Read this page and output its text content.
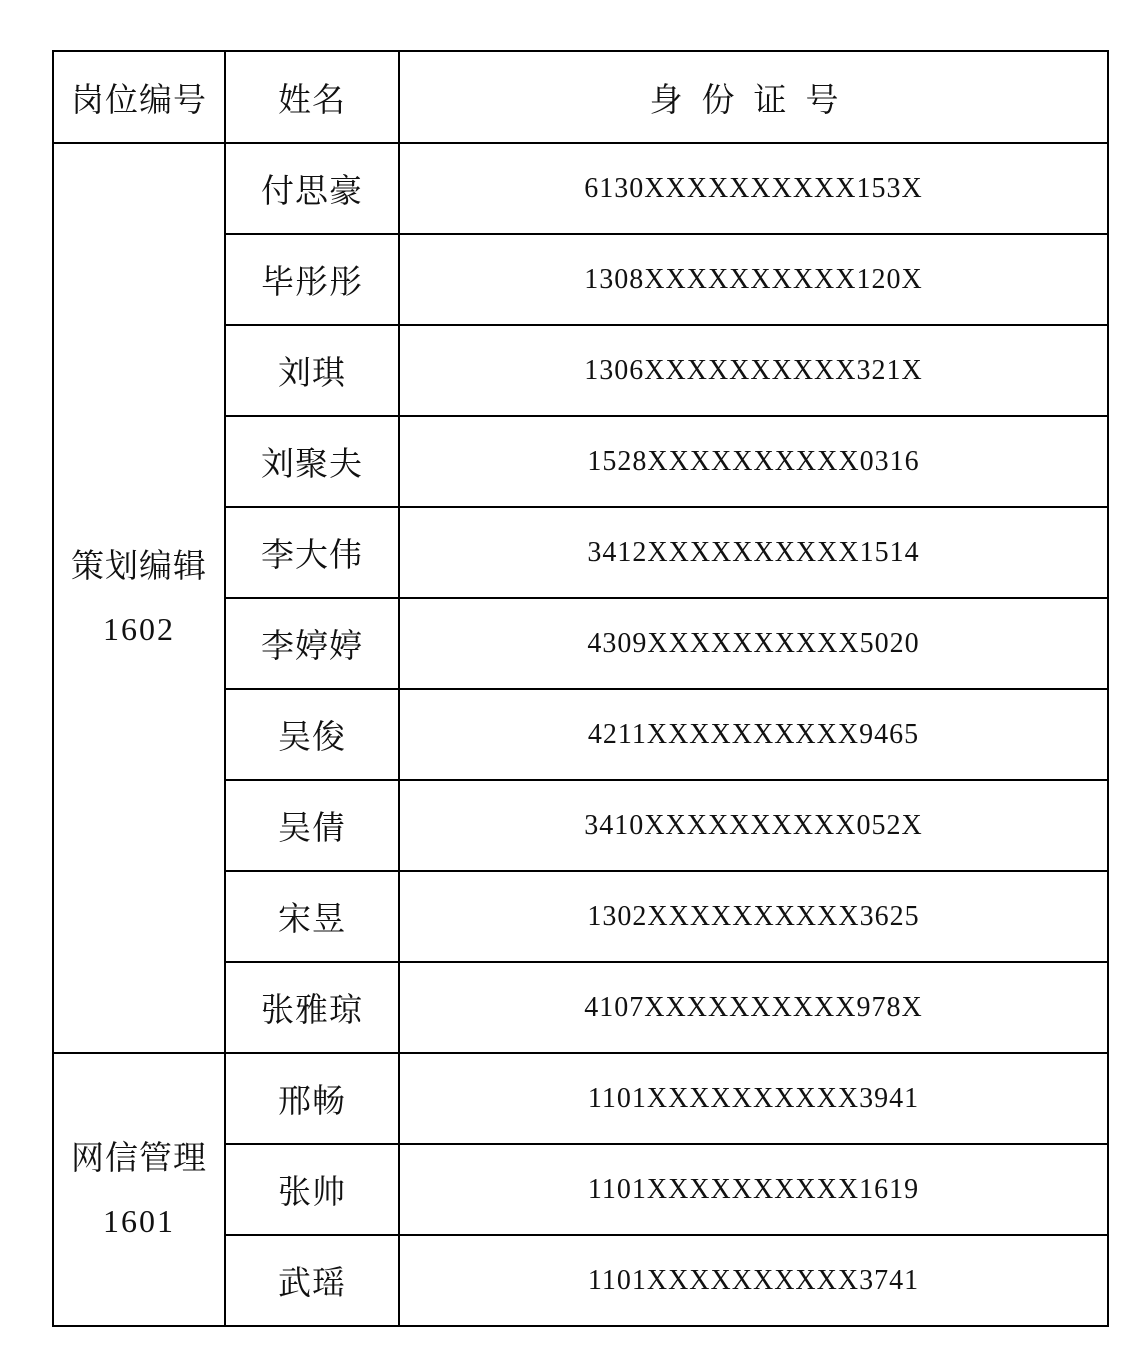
岗位编号	姓名	身份证号

策划编辑
1602	付思豪	6130XXXXXXXXXX153X
	毕彤彤	1308XXXXXXXXXX120X
	刘琪	1306XXXXXXXXXX321X
	刘聚夫	1528XXXXXXXXXX0316
	李大伟	3412XXXXXXXXXX1514
	李婷婷	4309XXXXXXXXXX5020
	吴俊	4211XXXXXXXXXX9465
	吴倩	3410XXXXXXXXXX052X
	宋昱	1302XXXXXXXXXX3625
	张雅琼	4107XXXXXXXXXX978X

网信管理
1601	邢畅	1101XXXXXXXXXX3941
	张帅	1101XXXXXXXXXX1619
	武瑶	1101XXXXXXXXXX3741
